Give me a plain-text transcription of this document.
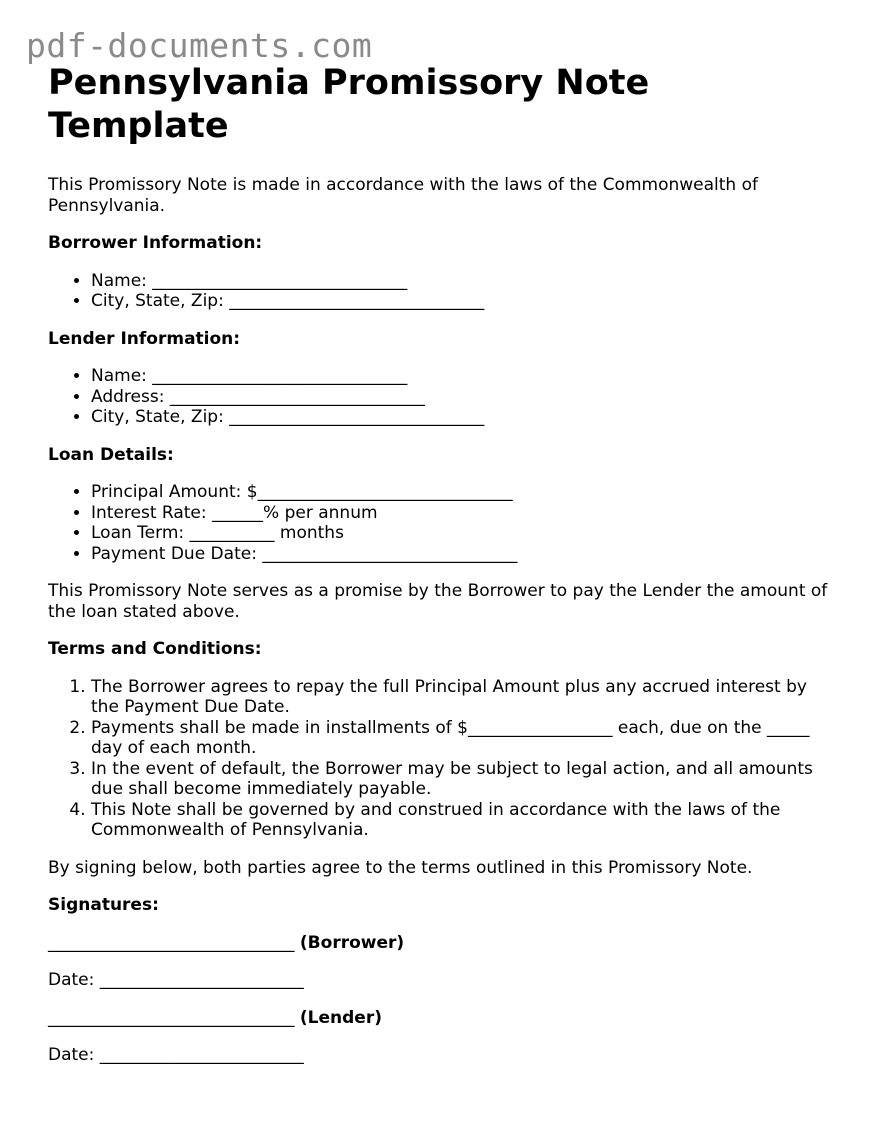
pdf-documents.com
Pennsylvania Promissory Note Template

This Promissory Note is made in accordance with the laws of the Commonwealth of Pennsylvania.

Borrower Information:

• Name: ______________________________
• City, State, Zip: ______________________________

Lender Information:

• Name: ______________________________
• Address: ______________________________
• City, State, Zip: ______________________________

Loan Details:

• Principal Amount: $______________________________
• Interest Rate: ______% per annum
• Loan Term: __________ months
• Payment Due Date: ______________________________

This Promissory Note serves as a promise by the Borrower to pay the Lender the amount of the loan stated above.

Terms and Conditions:

1. The Borrower agrees to repay the full Principal Amount plus any accrued interest by the Payment Due Date.
2. Payments shall be made in installments of $_________________ each, due on the _____ day of each month.
3. In the event of default, the Borrower may be subject to legal action, and all amounts due shall become immediately payable.
4. This Note shall be governed by and construed in accordance with the laws of the Commonwealth of Pennsylvania.

By signing below, both parties agree to the terms outlined in this Promissory Note.

Signatures:

_____________________________ (Borrower)

Date: ________________________

_____________________________ (Lender)

Date: ________________________
